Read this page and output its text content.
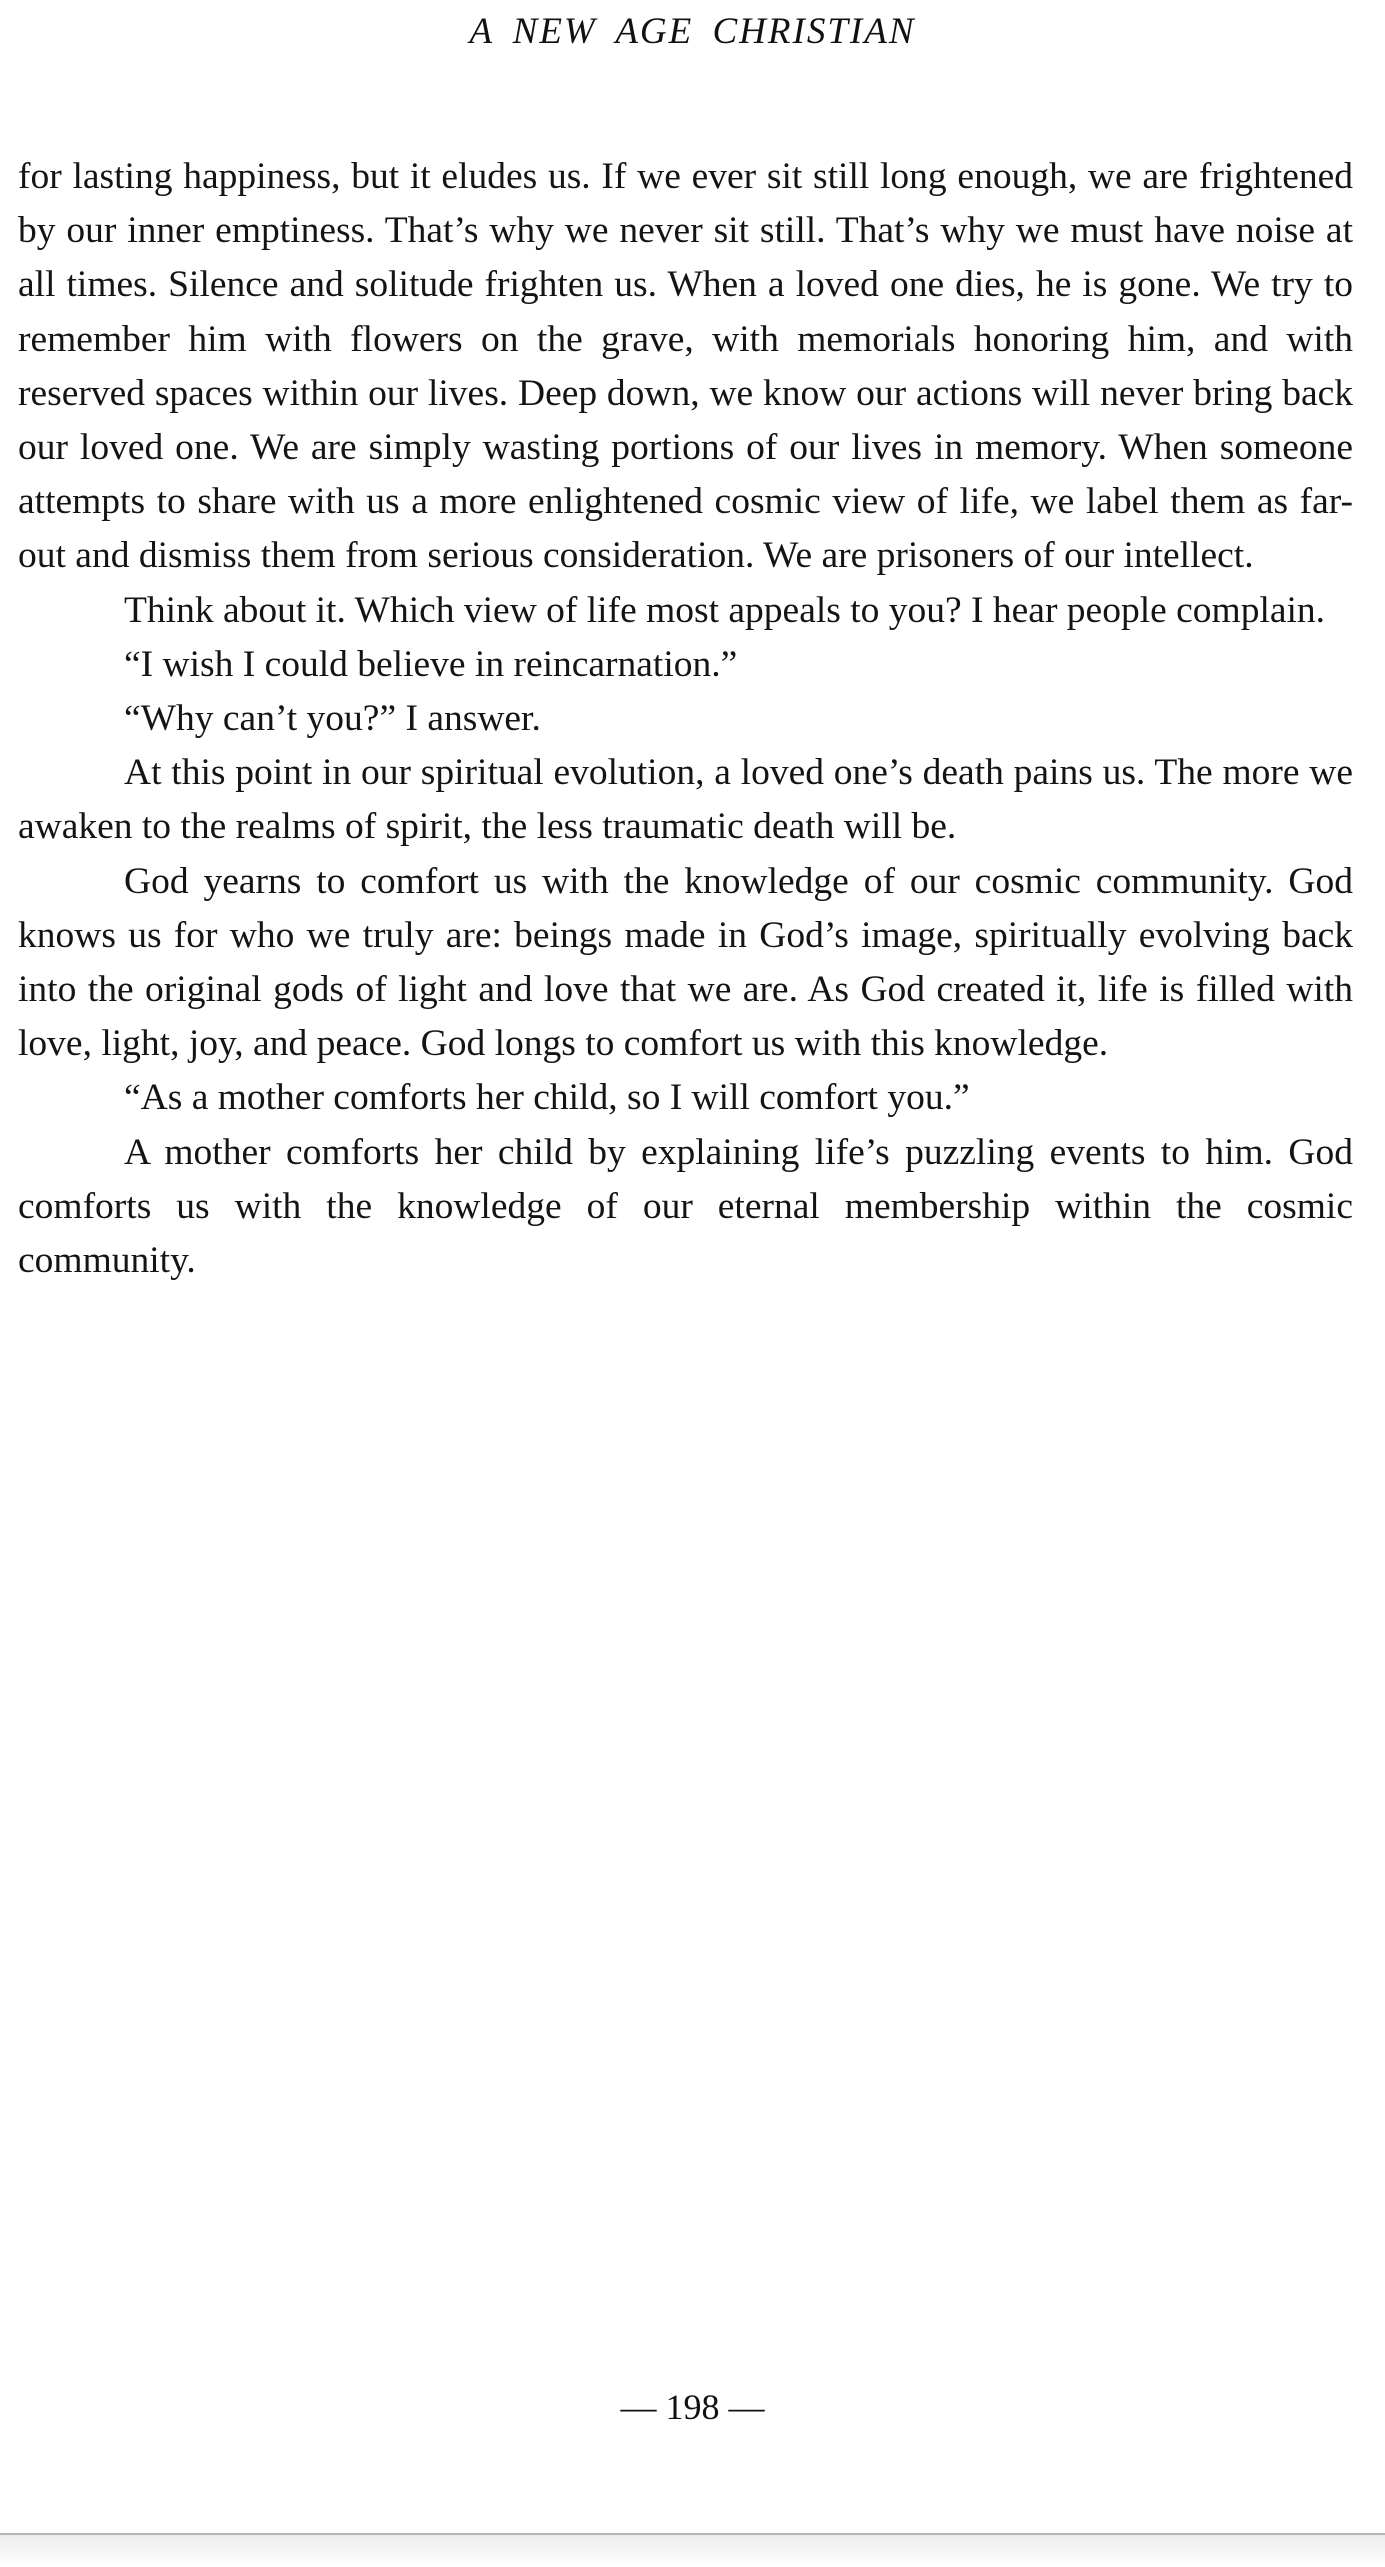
A NEW AGE CHRISTIAN

for lasting happiness, but it eludes us. If we ever sit still long enough, we are frightened by our inner emptiness. That’s why we never sit still. That’s why we must have noise at all times. Silence and solitude frighten us. When a loved one dies, he is gone. We try to remember him with flowers on the grave, with memorials honoring him, and with reserved spaces within our lives. Deep down, we know our actions will never bring back our loved one. We are simply wasting portions of our lives in memory. When someone attempts to share with us a more enlightened cosmic view of life, we label them as far-out and dismiss them from serious consideration. We are prisoners of our intellect.

Think about it. Which view of life most appeals to you? I hear people complain.

“I wish I could believe in reincarnation.”

“Why can’t you?” I answer.

At this point in our spiritual evolution, a loved one’s death pains us. The more we awaken to the realms of spirit, the less traumatic death will be.

God yearns to comfort us with the knowledge of our cosmic community. God knows us for who we truly are: beings made in God’s image, spiritually evolving back into the original gods of light and love that we are. As God created it, life is filled with love, light, joy, and peace. God longs to comfort us with this knowledge.

“As a mother comforts her child, so I will comfort you.”

A mother comforts her child by explaining life’s puzzling events to him. God comforts us with the knowledge of our eternal membership within the cosmic community.

— 198 —
